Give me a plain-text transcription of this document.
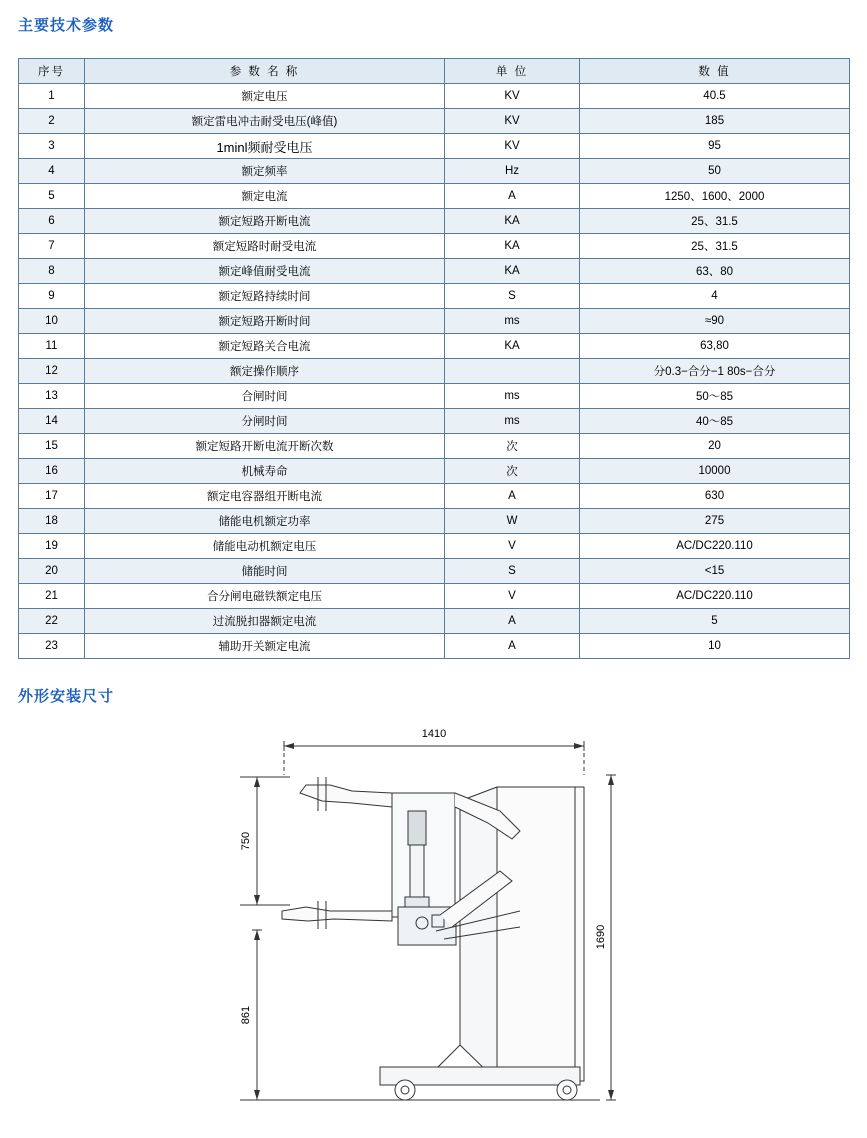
主要技术参数
序号	参 数 名 称	单 位	数 值
1	额定电压	KV	40.5
2	额定雷电冲击耐受电压(峰值)	KV	185
3	1minl频耐受电压	KV	95
4	额定频率	Hz	50
5	额定电流	A	1250、1600、2000
6	额定短路开断电流	KA	25、31.5
7	额定短路时耐受电流	KA	25、31.5
8	额定峰值耐受电流	KA	63、80
9	额定短路持续时间	S	4
10	额定短路开断时间	ms	≈90
11	额定短路关合电流	KA	63,80
12	额定操作顺序		分0.3−合分−1 80s−合分
13	合闸时间	ms	50～85
14	分闸时间	ms	40～85
15	额定短路开断电流开断次数	次	20
16	机械寿命	次	10000
17	额定电容器组开断电流	A	630
18	储能电机额定功率	W	275
19	储能电动机额定电压	V	AC/DC220.110
20	储能时间	S	<15
21	合分闸电磁铁额定电压	V	AC/DC220.110
22	过流脱扣器额定电流	A	5
23	辅助开关额定电流	A	10
外形安装尺寸
1410
750
861
1690
